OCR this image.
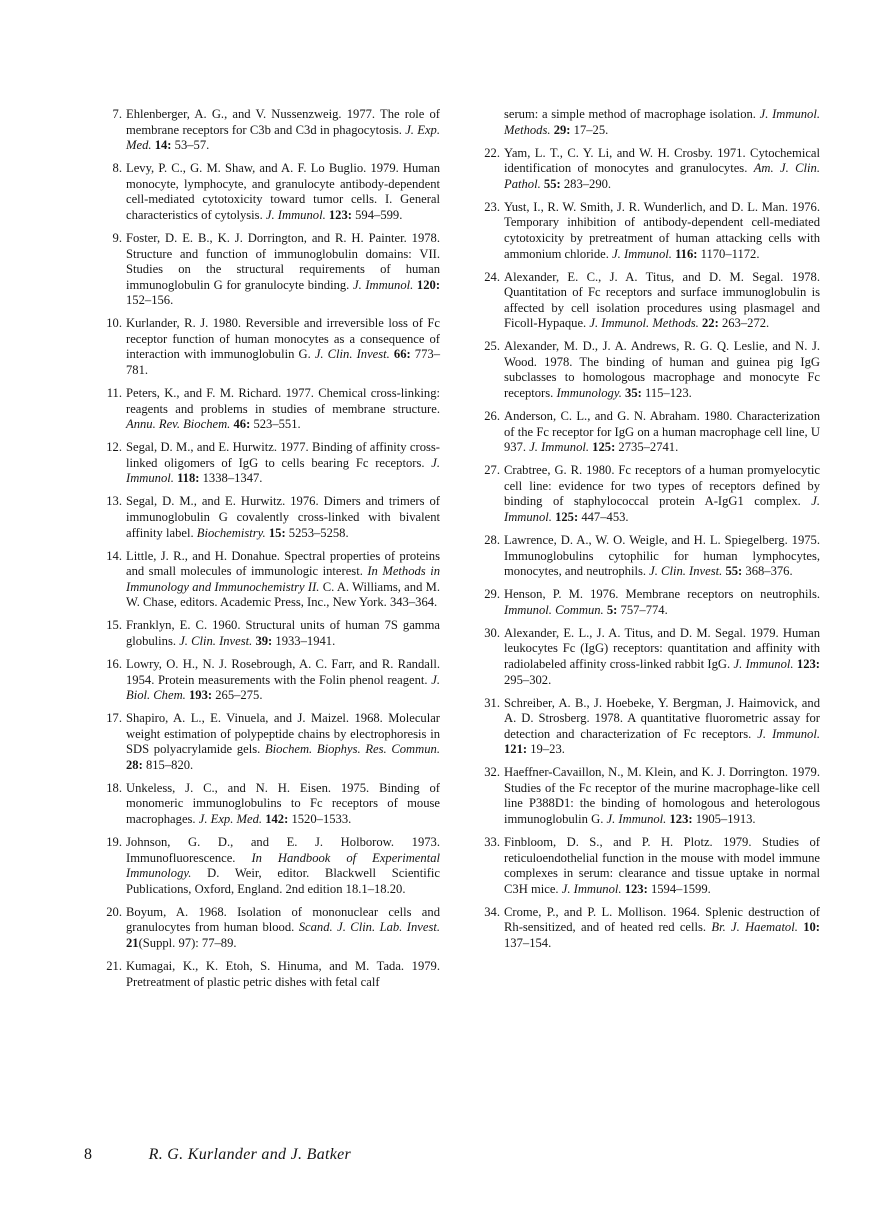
7 . Ehlenberger, A. G., and V. Nussenzweig. 1977. The role of membrane receptors for C3b and C3d in phagocytosis. J. Exp. Med. 14: 53–57.
8 . Levy, P. C., G. M. Shaw, and A. F. Lo Buglio. 1979. Human monocyte, lymphocyte, and granulocyte antibody-dependent cell-mediated cytotoxicity toward tumor cells. I. General characteristics of cytolysis. J. Immunol. 123: 594–599.
9 . Foster, D. E. B., K. J. Dorrington, and R. H. Painter. 1978. Structure and function of immunoglobulin domains: VII. Studies on the structural requirements of human immunoglobulin G for granulocyte binding. J. Immunol. 120: 152–156.
10 . Kurlander, R. J. 1980. Reversible and irreversible loss of Fc receptor function of human monocytes as a consequence of interaction with immunoglobulin G. J. Clin. Invest. 66: 773–781.
11 . Peters, K., and F. M. Richard. 1977. Chemical cross-linking: reagents and problems in studies of membrane structure. Annu. Rev. Biochem. 46: 523–551.
12 . Segal, D. M., and E. Hurwitz. 1977. Binding of affinity cross-linked oligomers of IgG to cells bearing Fc receptors. J. Immunol. 118: 1338–1347.
13 . Segal, D. M., and E. Hurwitz. 1976. Dimers and trimers of immunoglobulin G covalently cross-linked with bivalent affinity label. Biochemistry. 15: 5253–5258.
14 . Little, J. R., and H. Donahue. Spectral properties of proteins and small molecules of immunologic interest. In Methods in Immunology and Immunochemistry II. C. A. Williams, and M. W. Chase, editors. Academic Press, Inc., New York. 343–364.
15 . Franklyn, E. C. 1960. Structural units of human 7S gamma globulins. J. Clin. Invest. 39: 1933–1941.
16 . Lowry, O. H., N. J. Rosebrough, A. C. Farr, and R. Randall. 1954. Protein measurements with the Folin phenol reagent. J. Biol. Chem. 193: 265–275.
17 . Shapiro, A. L., E. Vinuela, and J. Maizel. 1968. Molecular weight estimation of polypeptide chains by electrophoresis in SDS polyacrylamide gels. Biochem. Biophys. Res. Commun. 28: 815–820.
18 . Unkeless, J. C., and N. H. Eisen. 1975. Binding of monomeric immunoglobulins to Fc receptors of mouse macrophages. J. Exp. Med. 142: 1520–1533.
19 . Johnson, G. D., and E. J. Holborow. 1973. Immunofluorescence. In Handbook of Experimental Immunology. D. Weir, editor. Blackwell Scientific Publications, Oxford, England. 2nd edition 18.1–18.20.
20 . Boyum, A. 1968. Isolation of mononuclear cells and granulocytes from human blood. Scand. J. Clin. Lab. Invest. 21(Suppl. 97): 77–89.
21 . Kumagai, K., K. Etoh, S. Hinuma, and M. Tada. 1979. Pretreatment of plastic petric dishes with fetal calf
serum: a simple method of macrophage isolation. J. Immunol. Methods. 29: 17–25.
22 . Yam, L. T., C. Y. Li, and W. H. Crosby. 1971. Cytochemical identification of monocytes and granulocytes. Am. J. Clin. Pathol. 55: 283–290.
23 . Yust, I., R. W. Smith, J. R. Wunderlich, and D. L. Man. 1976. Temporary inhibition of antibody-dependent cell-mediated cytotoxicity by pretreatment of human attacking cells with ammonium chloride. J. Immunol. 116: 1170–1172.
24 . Alexander, E. C., J. A. Titus, and D. M. Segal. 1978. Quantitation of Fc receptors and surface immunoglobulin is affected by cell isolation procedures using plasmagel and Ficoll-Hypaque. J. Immunol. Methods. 22: 263–272.
25 . Alexander, M. D., J. A. Andrews, R. G. Q. Leslie, and N. J. Wood. 1978. The binding of human and guinea pig IgG subclasses to homologous macrophage and monocyte Fc receptors. Immunology. 35: 115–123.
26 . Anderson, C. L., and G. N. Abraham. 1980. Characterization of the Fc receptor for IgG on a human macrophage cell line, U 937. J. Immunol. 125: 2735–2741.
27 . Crabtree, G. R. 1980. Fc receptors of a human promyelocytic cell line: evidence for two types of receptors defined by binding of staphylococcal protein A-IgG1 complex. J. Immunol. 125: 447–453.
28 . Lawrence, D. A., W. O. Weigle, and H. L. Spiegelberg. 1975. Immunoglobulins cytophilic for human lymphocytes, monocytes, and neutrophils. J. Clin. Invest. 55: 368–376.
29 . Henson, P. M. 1976. Membrane receptors on neutrophils. Immunol. Commun. 5: 757–774.
30 . Alexander, E. L., J. A. Titus, and D. M. Segal. 1979. Human leukocytes Fc (IgG) receptors: quantitation and affinity with radiolabeled affinity cross-linked rabbit IgG. J. Immunol. 123: 295–302.
31 . Schreiber, A. B., J. Hoebeke, Y. Bergman, J. Haimovick, and A. D. Strosberg. 1978. A quantitative fluorometric assay for detection and characterization of Fc receptors. J. Immunol. 121: 19–23.
32 . Haeffner-Cavaillon, N., M. Klein, and K. J. Dorrington. 1979. Studies of the Fc receptor of the murine macrophage-like cell line P388D1: the binding of homologous and heterologous immunoglobulin G. J. Immunol. 123: 1905–1913.
33 . Finbloom, D. S., and P. H. Plotz. 1979. Studies of reticuloendothelial function in the mouse with model immune complexes in serum: clearance and tissue uptake in normal C3H mice. J. Immunol. 123: 1594–1599.
34 . Crome, P., and P. L. Mollison. 1964. Splenic destruction of Rh-sensitized, and of heated red cells. Br. J. Haematol. 10: 137–154.
8	R. G. Kurlander and J. Batker
